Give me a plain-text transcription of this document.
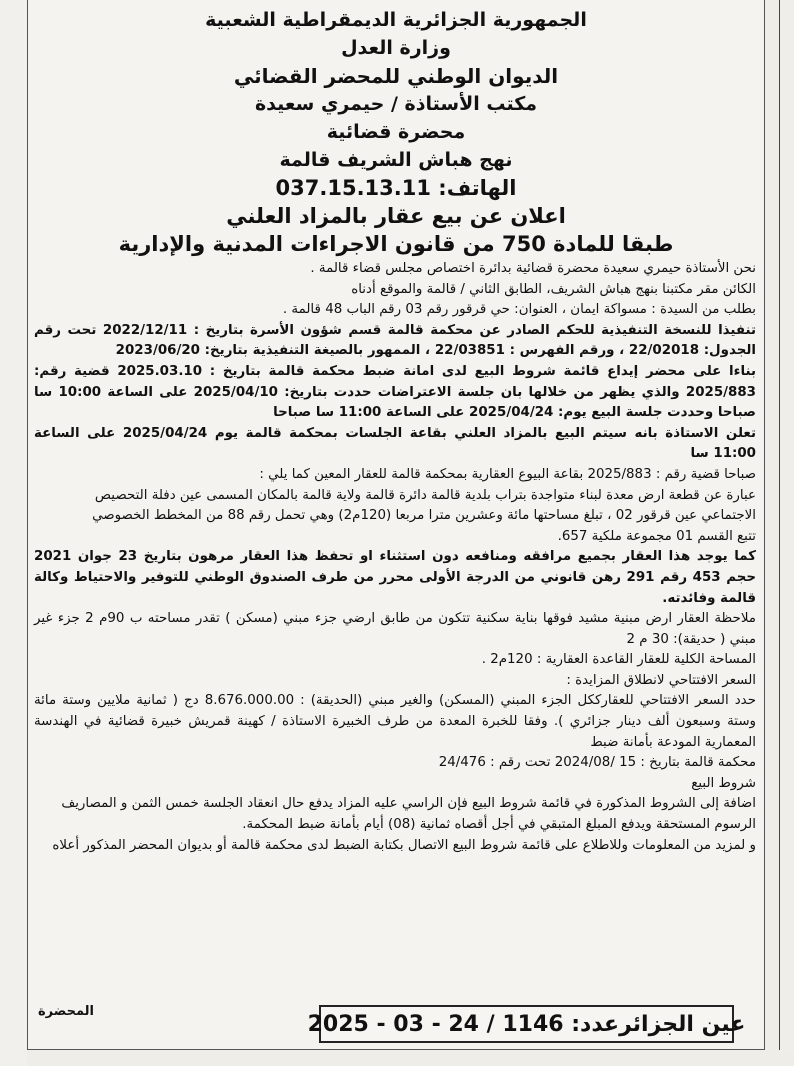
الجمهورية الجزائرية الديمقراطية الشعبية
وزارة العدل
الديوان الوطني للمحضر القضائي
مكتب الأستاذة / حيمري سعيدة
محضرة قضائية
نهج هباش الشريف قالمة
الهاتف: 037.15.13.11
اعلان عن بيع عقار بالمزاد العلني
طبقا للمادة 750 من قانون الاجراءات المدنية والإدارية

نحن الأستاذة حيمري سعيدة محضرة قضائية بدائرة اختصاص مجلس قضاء قالمة .

الكائن مقر مكتبنا بنهج هباش الشريف، الطابق الثاني / قالمة والموقع أدناه

بطلب من السيدة : مسواكة ايمان ، العنوان: حي قرقور رقم 03 رقم الباب 48 قالمة .

تنفيذا للنسخة التنفيذية للحكم الصادر عن محكمة قالمة قسم شؤون الأسرة بتاريخ : 2022/12/11 تحت رقم الجدول: 22/02018 ، ورقم الفهرس : 22/03851 ، الممهور بالصيغة التنفيذية بتاريخ: 2023/06/20

بناءا على محضر إيداع قائمة شروط البيع لدى امانة ضبط محكمة قالمة بتاريخ : 2025.03.10 قضية رقم: 2025/883 والذي يظهر من خلالها بان جلسة الاعتراضات حددت بتاريخ: 2025/04/10 على الساعة 10:00 سا صباحا وحددت جلسة البيع يوم: 2025/04/24 على الساعة 11:00 سا صباحا

تعلن الاستاذة بانه سيتم البيع بالمزاد العلني بقاعة الجلسات بمحكمة قالمة يوم 2025/04/24 على الساعة 11:00 سا

صباحا قضية رقم : 2025/883 بقاعة البيوع العقارية بمحكمة قالمة للعقار المعين كما يلي :

عبارة عن قطعة ارض معدة لبناء متواجدة بتراب بلدية قالمة دائرة قالمة ولاية قالمة بالمكان المسمى عين دفلة التحصيص

الاجتماعي عين قرقور 02 ، تبلغ مساحتها مائة وعشرين مترا مربعا (120م2) وهي تحمل رقم 88 من المخطط الخصوصي

تتبع القسم 01 مجموعة ملكية 657.

كما يوجد هذا العقار بجميع مرافقه ومنافعه دون استثناء او تحفظ هذا العقار مرهون بتاريخ 23 جوان 2021 حجم 453 رقم 291 رهن قانوني من الدرجة الأولى محرر من طرف الصندوق الوطني للتوفير والاحتياط وكالة قالمة وفائدته.

ملاحظة العقار ارض مبنية مشيد فوقها بناية سكنية تتكون من طابق ارضي جزء مبني (مسكن ) تقدر مساحته ب 90م 2 جزء غير مبني ( حديقة): 30 م 2

المساحة الكلية للعقار القاعدة العقارية : 120م2 .

السعر الافتتاحي لانطلاق المزايدة :

حدد السعر الافتتاحي للعقارككل الجزء المبني (المسكن) والغير مبني (الحديقة) : 8.676.000.00 دج ( ثمانية ملايين وستة مائة وستة وسبعون ألف دينار جزائري ). وفقا للخبرة المعدة من طرف الخبيرة الاستاذة / كهينة قمريش خبيرة قضائية في الهندسة المعمارية المودعة بأمانة ضبط

محكمة قالمة بتاريخ : 15 /2024/08 تحت رقم : 24/476

شروط البيع

اضافة إلى الشروط المذكورة في قائمة شروط البيع فإن الراسي عليه المزاد يدفع حال انعقاد الجلسة خمس الثمن و المصاريف

الرسوم المستحقة ويدفع المبلغ المتبقي في أجل أقصاه ثمانية (08) أيام بأمانة ضبط المحكمة.

و لمزيد من المعلومات وللاطلاع على قائمة شروط البيع الاتصال بكتابة الضبط لدى محكمة قالمة أو بديوان المحضر المذكور أعلاه

المحضرة	عين الجزائرعدد: 1146 / 24 - 03 - 2025
